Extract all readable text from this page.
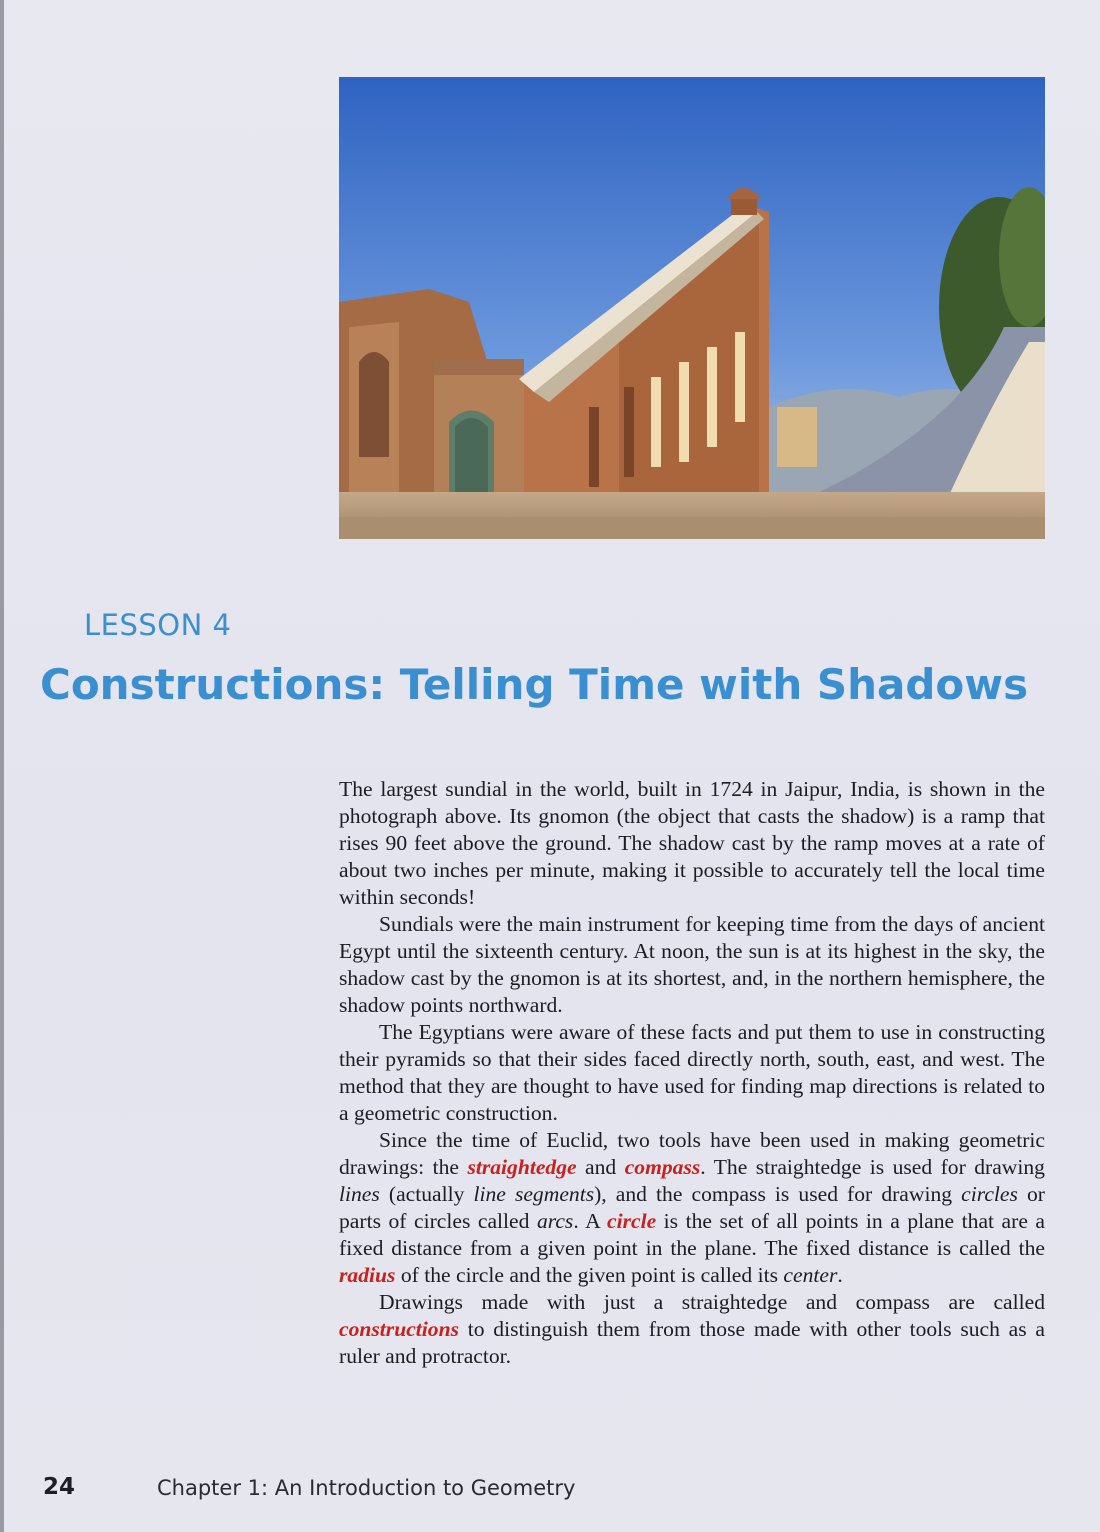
LESSON 4
Constructions: Telling Time with Shadows

The largest sundial in the world, built in 1724 in Jaipur, India, is shown in the photograph above. Its gnomon (the object that casts the shadow) is a ramp that rises 90 feet above the ground. The shadow cast by the ramp moves at a rate of about two inches per minute, making it possible to accurately tell the local time within seconds!

Sundials were the main instrument for keeping time from the days of ancient Egypt until the sixteenth century. At noon, the sun is at its highest in the sky, the shadow cast by the gnomon is at its shortest, and, in the northern hemisphere, the shadow points northward.

The Egyptians were aware of these facts and put them to use in constructing their pyramids so that their sides faced directly north, south, east, and west. The method that they are thought to have used for finding map directions is related to a geometric construction.

Since the time of Euclid, two tools have been used in making geometric drawings: the straightedge and compass. The straightedge is used for drawing lines (actually line segments), and the compass is used for drawing circles or parts of circles called arcs. A circle is the set of all points in a plane that are a fixed distance from a given point in the plane. The fixed distance is called the radius of the circle and the given point is called its center.

Drawings made with just a straightedge and compass are called constructions to distinguish them from those made with other tools such as a ruler and protractor.

24	Chapter 1: An Introduction to Geometry
